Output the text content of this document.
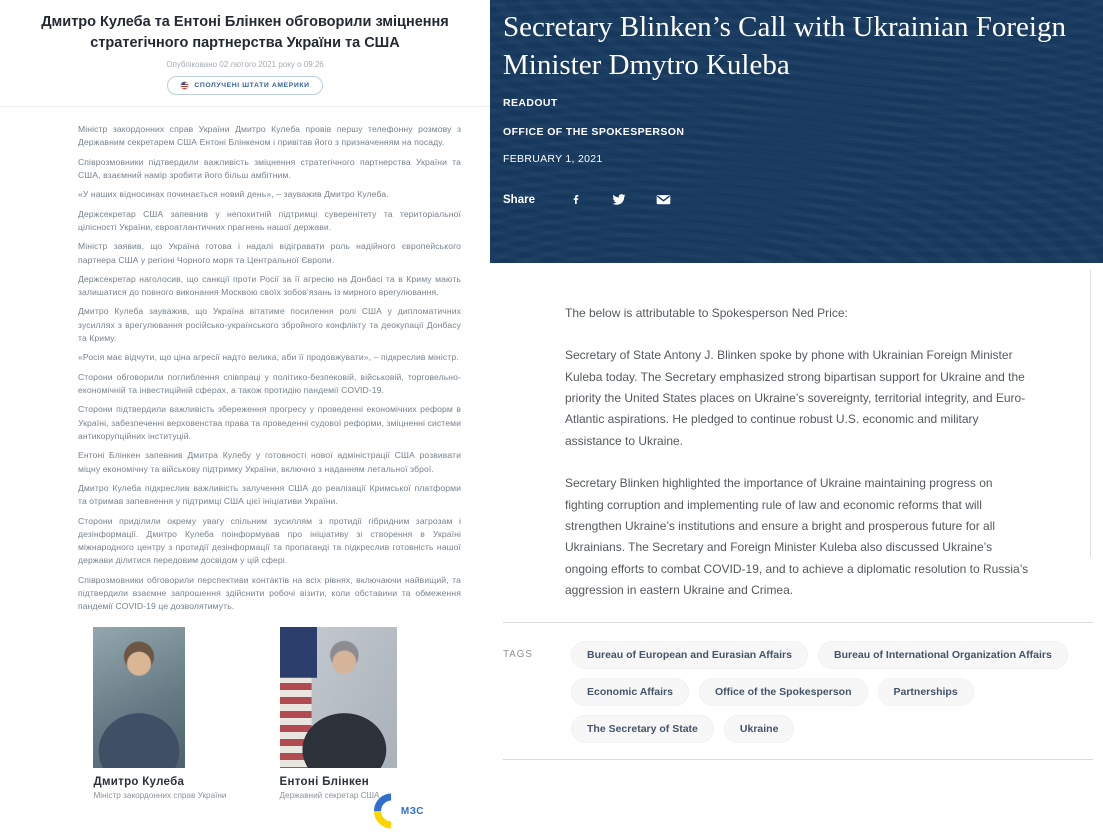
Дмитро Кулеба та Ентоні Блінкен обговорили зміцнення стратегічного партнерства України та США
Опубліковано 02 лютого 2021 року о 09:26
СПОЛУЧЕНІ ШТАТИ АМЕРИКИ

Міністр закордонних справ України Дмитро Кулеба провів першу телефонну розмову з Державним секретарем США Ентоні Блінкеном і привітав його з призначенням на посаду.

Співрозмовники підтвердили важливість зміцнення стратегічного партнерства України та США, взаємний намір зробити його більш амбітним.

«У наших відносинах починається новий день», – зауважив Дмитро Кулеба.

Держсекретар США запевнив у непохитній підтримці суверенітету та територіальної цілісності України, євроатлантичних прагнень нашої держави.

Міністр заявив, що Україна готова і надалі відігравати роль надійного європейського партнера США у регіоні Чорного моря та Центральної Європи.

Держсекретар наголосив, що санкції проти Росії за її агресію на Донбасі та в Криму мають залишатися до повного виконання Москвою своїх зобов’язань із мирного врегулювання.

Дмитро Кулеба зауважив, що Україна вітатиме посилення ролі США у дипломатичних зусиллях з врегулювання російсько-українського збройного конфлікту та деокупації Донбасу та Криму.

«Росія має відчути, що ціна агресії надто велика, аби її продовжувати», – підкреслив міністр.

Сторони обговорили поглиблення співпраці у політико-безпековій, військовій, торговельно-економічній та інвестиційній сферах, а також протидію пандемії COVID-19.

Сторони підтвердили важливість збереження прогресу у проведенні економічних реформ в Україні, забезпеченні верховенства права та проведенні судової реформи, зміцненні системи антикорупційних інституцій.

Ентоні Блінкен запевнив Дмитра Кулебу у готовності нової адміністрації США розвивати міцну економічну та військову підтримку України, включно з наданням летальної зброї.

Дмитро Кулеба підкреслив важливість залучення США до реалізації Кримської платформи та отримав запевнення у підтримці США цієї ініціативи України.

Сторони приділили окрему увагу спільним зусиллям з протидії гібридним загрозам і дезінформації. Дмитро Кулеба поінформував про ініціативу зі створення в Україні міжнародного центру з протидії дезінформації та пропаганді та підкреслив готовність нашої держави ділитися передовим досвідом у цій сфері.

Співрозмовники обговорили перспективи контактів на всіх рівнях, включаючи найвищий, та підтвердили взаємне запрошення здійснити робочі візити, коли обставини та обмеження пандемії COVID-19 це дозволятимуть.

Дмитро Кулеба
Міністр закордонних справ України
Ентоні Блінкен
Державний секретар США
МЗС
Secretary Blinken’s Call with Ukrainian Foreign Minister Dmytro Kuleba
READOUT
OFFICE OF THE SPOKESPERSON
FEBRUARY 1, 2021
Share

The below is attributable to Spokesperson Ned Price:

Secretary of State Antony J. Blinken spoke by phone with Ukrainian Foreign Minister Kuleba today. The Secretary emphasized strong bipartisan support for Ukraine and the priority the United States places on Ukraine’s sovereignty, territorial integrity, and Euro-Atlantic aspirations. He pledged to continue robust U.S. economic and military assistance to Ukraine.

Secretary Blinken highlighted the importance of Ukraine maintaining progress on fighting corruption and implementing rule of law and economic reforms that will strengthen Ukraine’s institutions and ensure a bright and prosperous future for all Ukrainians. The Secretary and Foreign Minister Kuleba also discussed Ukraine’s ongoing efforts to combat COVID-19, and to achieve a diplomatic resolution to Russia’s aggression in eastern Ukraine and Crimea.

TAGS	Bureau of European and Eurasian Affairs	Bureau of International Organization Affairs
Economic Affairs	Office of the Spokesperson	Partnerships
The Secretary of State	Ukraine
